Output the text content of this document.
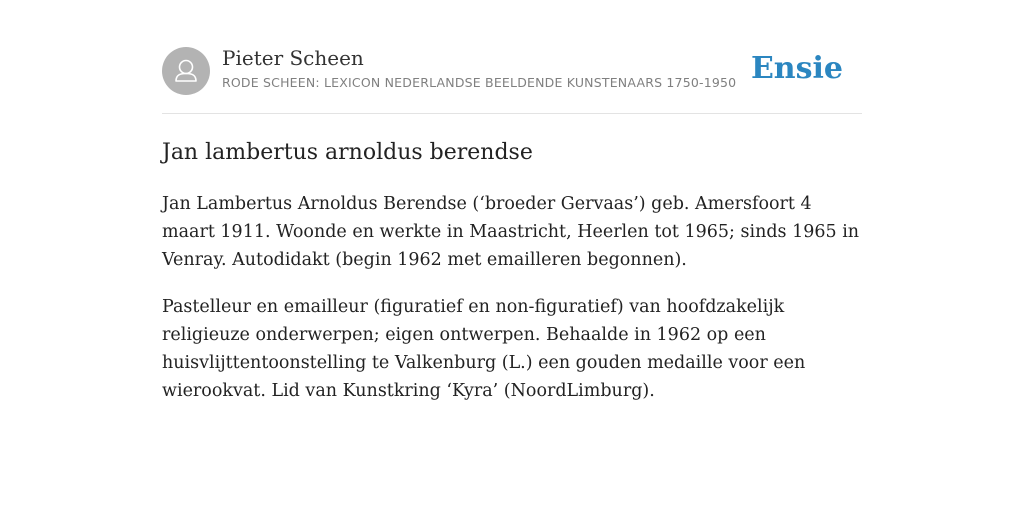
Pieter Scheen
RODE SCHEEN: LEXICON NEDERLANDSE BEELDENDE KUNSTENAARS 1750-1950 Ensie
Jan lambertus arnoldus berendse

Jan Lambertus Arnoldus Berendse (‘broeder Gervaas’) geb. Amersfoort 4 maart 1911. Woonde en werkte in Maastricht, Heerlen tot 1965; sinds 1965 in Venray. Autodidakt (begin 1962 met emailleren begonnen).

Pastelleur en emailleur (figuratief en non-figuratief) van hoofdzakelijk religieuze onderwerpen; eigen ontwerpen. Behaalde in 1962 op een huisvlijttentoonstelling te Valkenburg (L.) een gouden medaille voor een wierookvat. Lid van Kunstkring ‘Kyra’ (NoordLimburg).
